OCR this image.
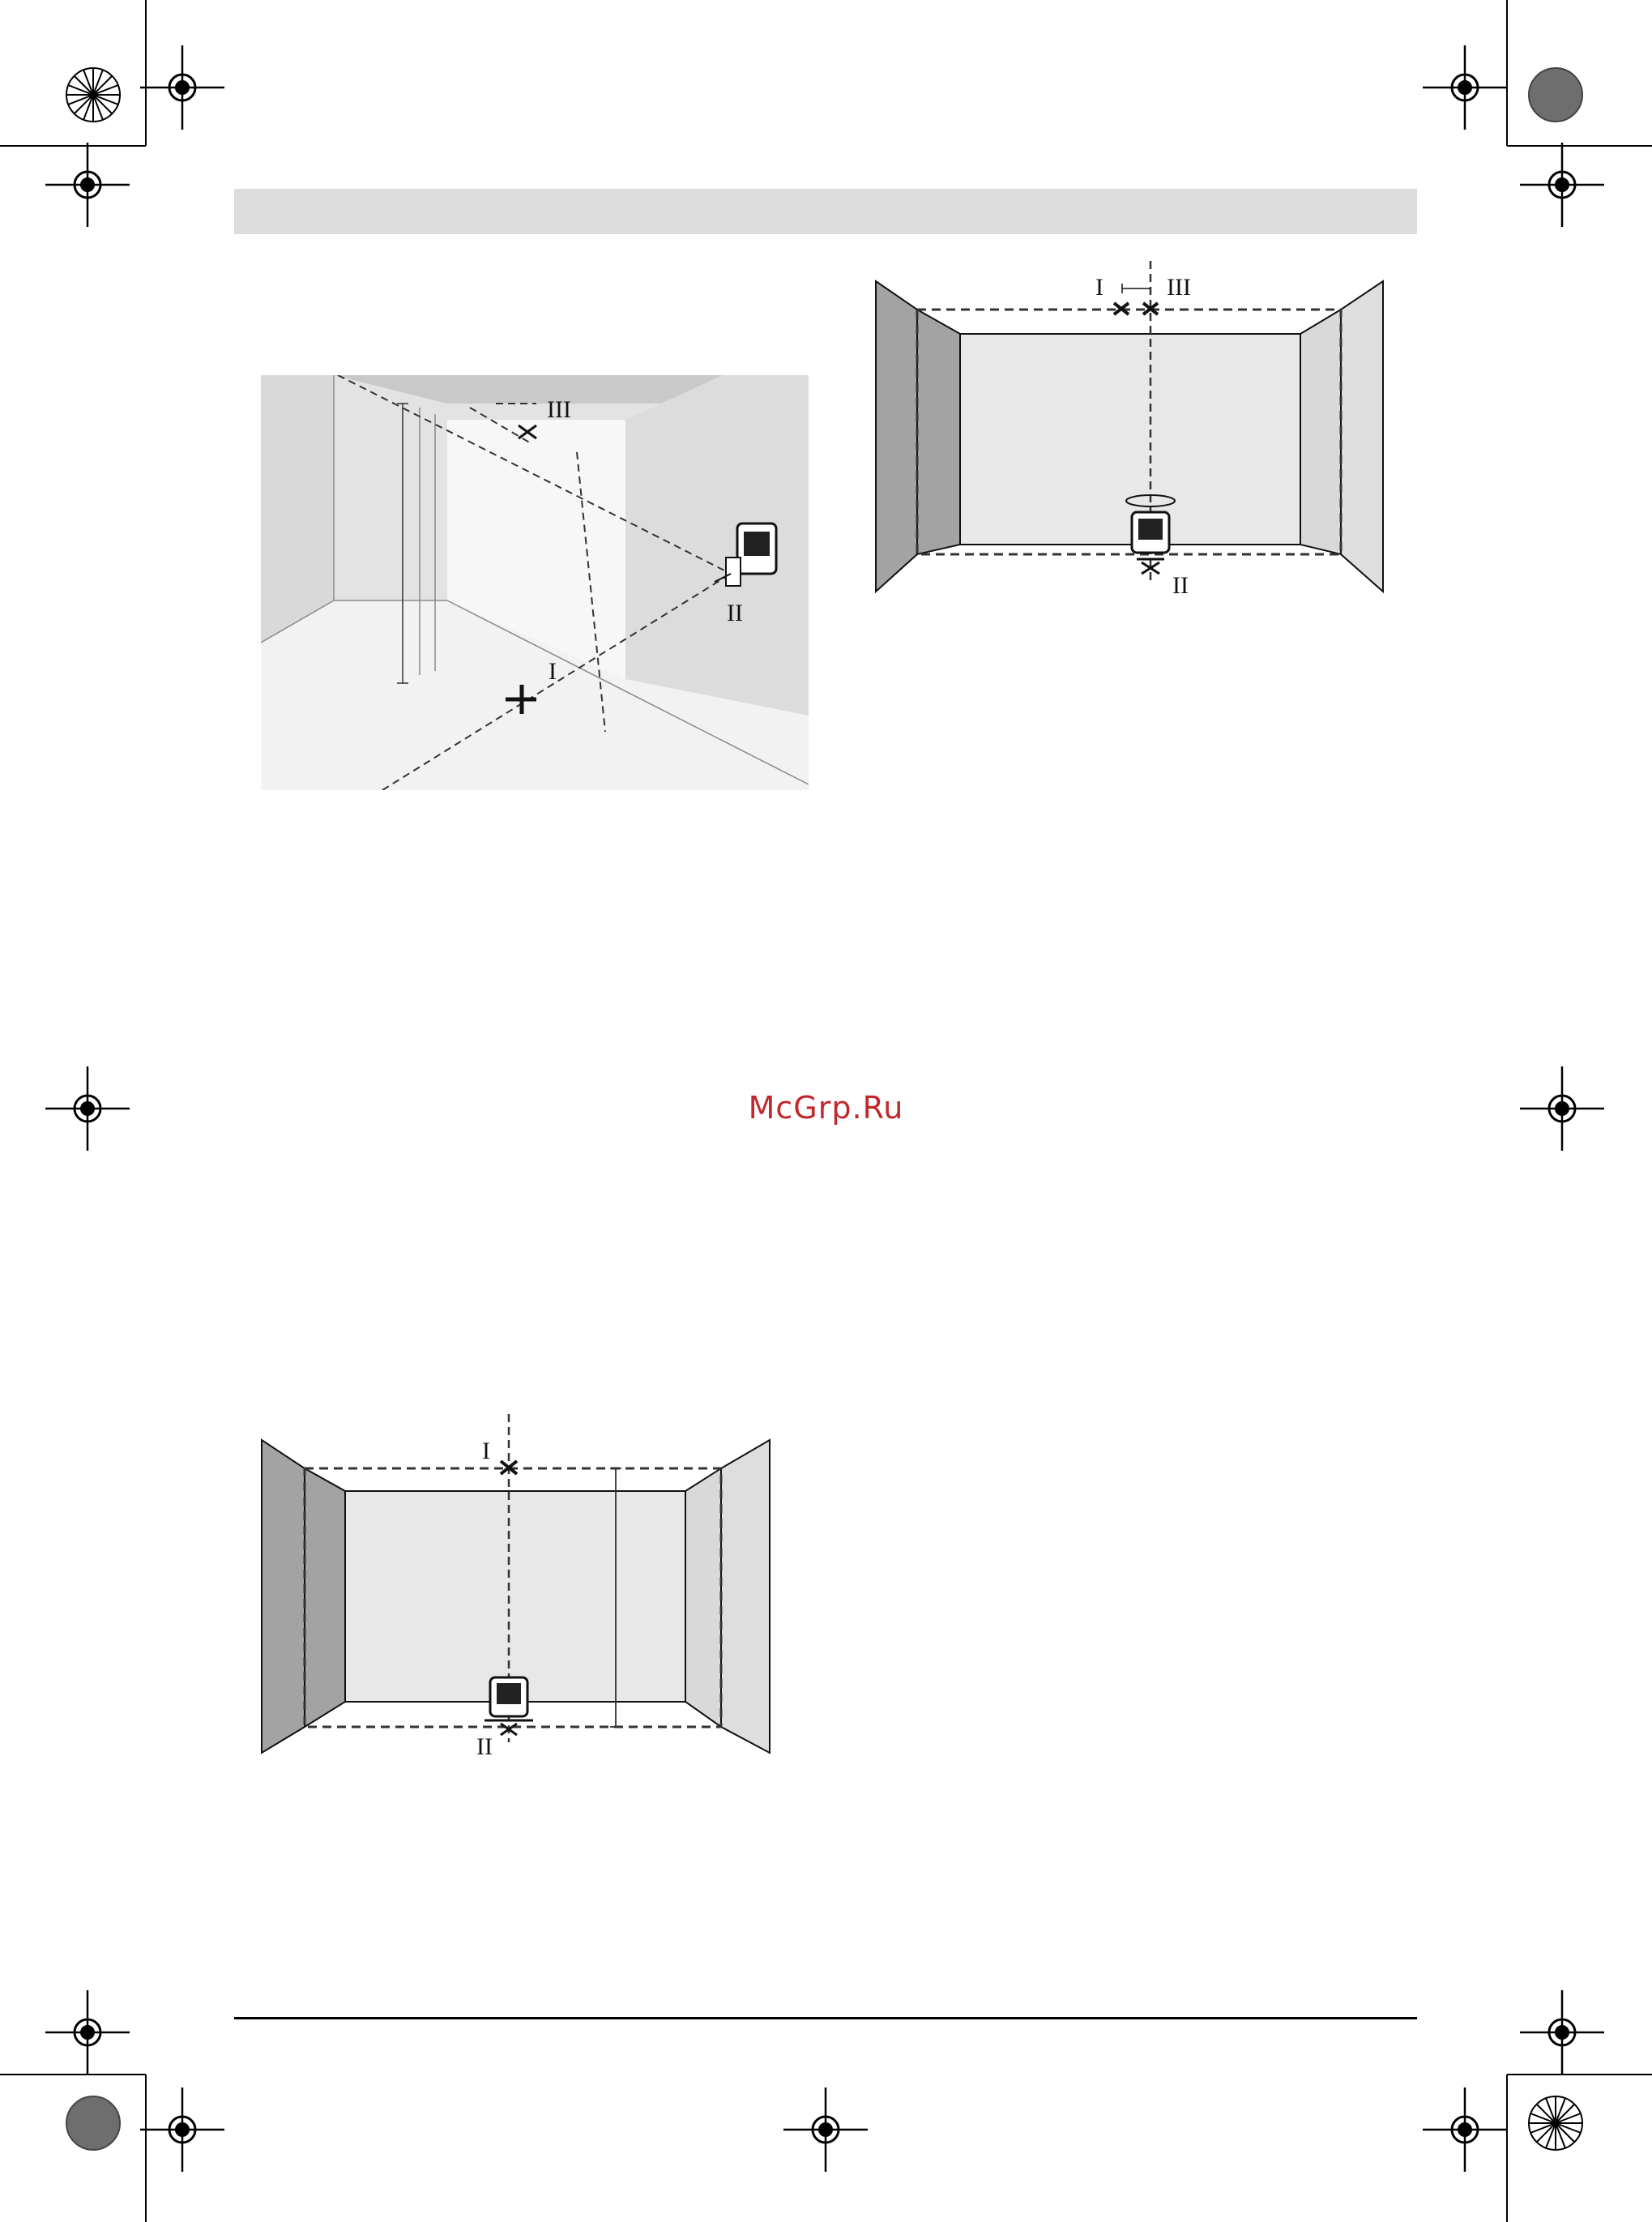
I
II
III
I
II
III
I
II
McGrp.Ru
